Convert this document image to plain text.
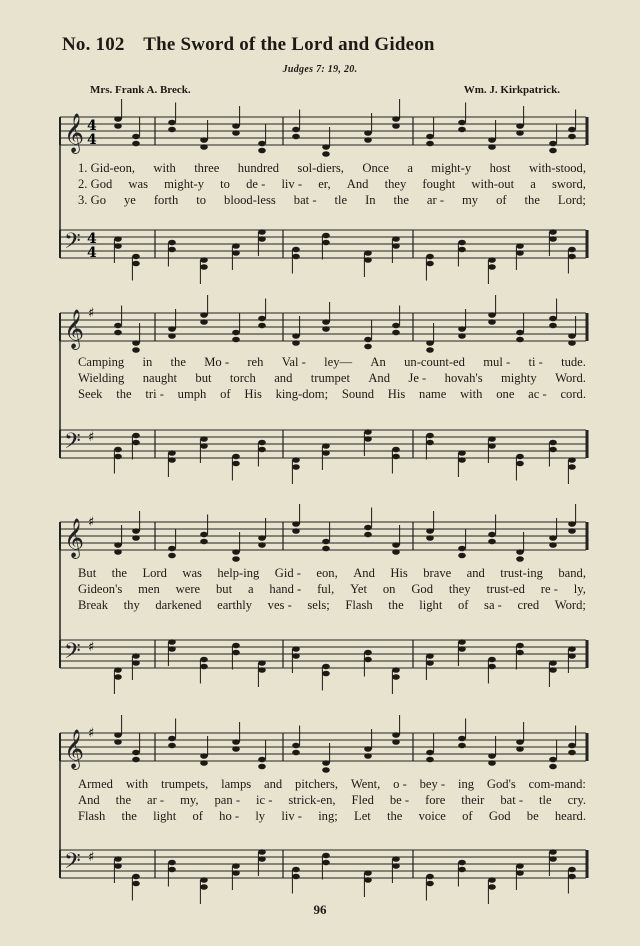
No. 102 The Sword of the Lord and Gideon
Judges 7: 19, 20.
Mrs. Frank A. Breck.	Wm. J. Kirkpatrick.
𝄞 4
4
𝄢 4
4
𝄞 ♯
𝄢 ♯
𝄞 ♯
𝄢 ♯
𝄞 ♯
𝄢 ♯
1. Gid-eon, with three hundred sol-diers, Once a might-y host with-stood,
2. God was might-y to de - liv - er, And they fought with-out a sword,
3. Go ye forth to blood-less bat - tle In the ar - my of the Lord;
Camping in the Mo - reh Val - ley— An un-count-ed mul - ti - tude.
Wielding naught but torch and trumpet And Je - hovah's mighty Word.
Seek the tri - umph of His king-dom; Sound His name with one ac - cord.
But the Lord was help-ing Gid - eon, And His brave and trust-ing band,
Gideon's men were but a hand - ful, Yet on God they trust-ed re - ly,
Break thy darkened earthly ves - sels; Flash the light of sa - cred Word;
Armed with trumpets, lamps and pitchers, Went, o - bey - ing God's com-mand:
And the ar - my, pan - ic - strick-en, Fled be - fore their bat - tle cry.
Flash the light of ho - ly liv - ing; Let the voice of God be heard.
96
